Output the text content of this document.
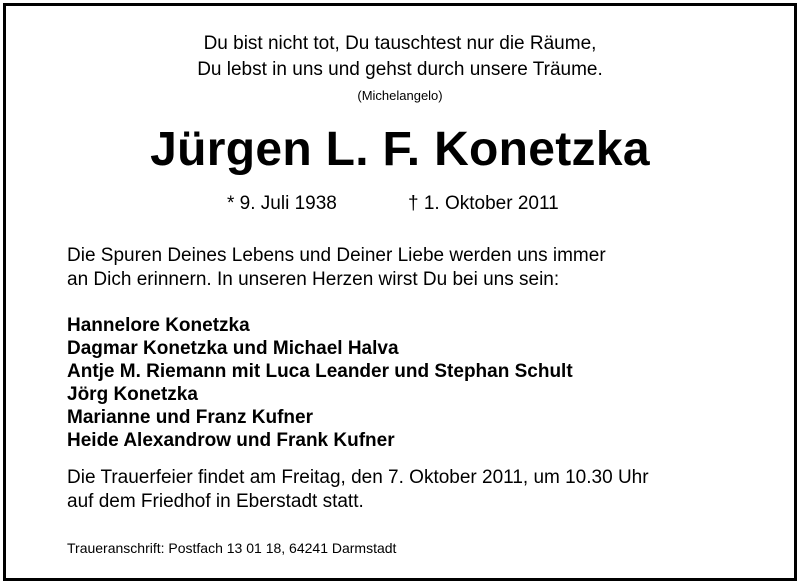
Du bist nicht tot, Du tauschtest nur die Räume,
Du lebst in uns und gehst durch unsere Träume.
(Michelangelo)
Jürgen L. F. Konetzka
* 9. Juli 1938	† 1. Oktober 2011
Die Spuren Deines Lebens und Deiner Liebe werden uns immer
an Dich erinnern. In unseren Herzen wirst Du bei uns sein:
Hannelore Konetzka
Dagmar Konetzka und Michael Halva
Antje M. Riemann mit Luca Leander und Stephan Schult
Jörg Konetzka
Marianne und Franz Kufner
Heide Alexandrow und Frank Kufner
Die Trauerfeier findet am Freitag, den 7. Oktober 2011, um 10.30 Uhr
auf dem Friedhof in Eberstadt statt.
Traueranschrift: Postfach 13 01 18, 64241 Darmstadt
